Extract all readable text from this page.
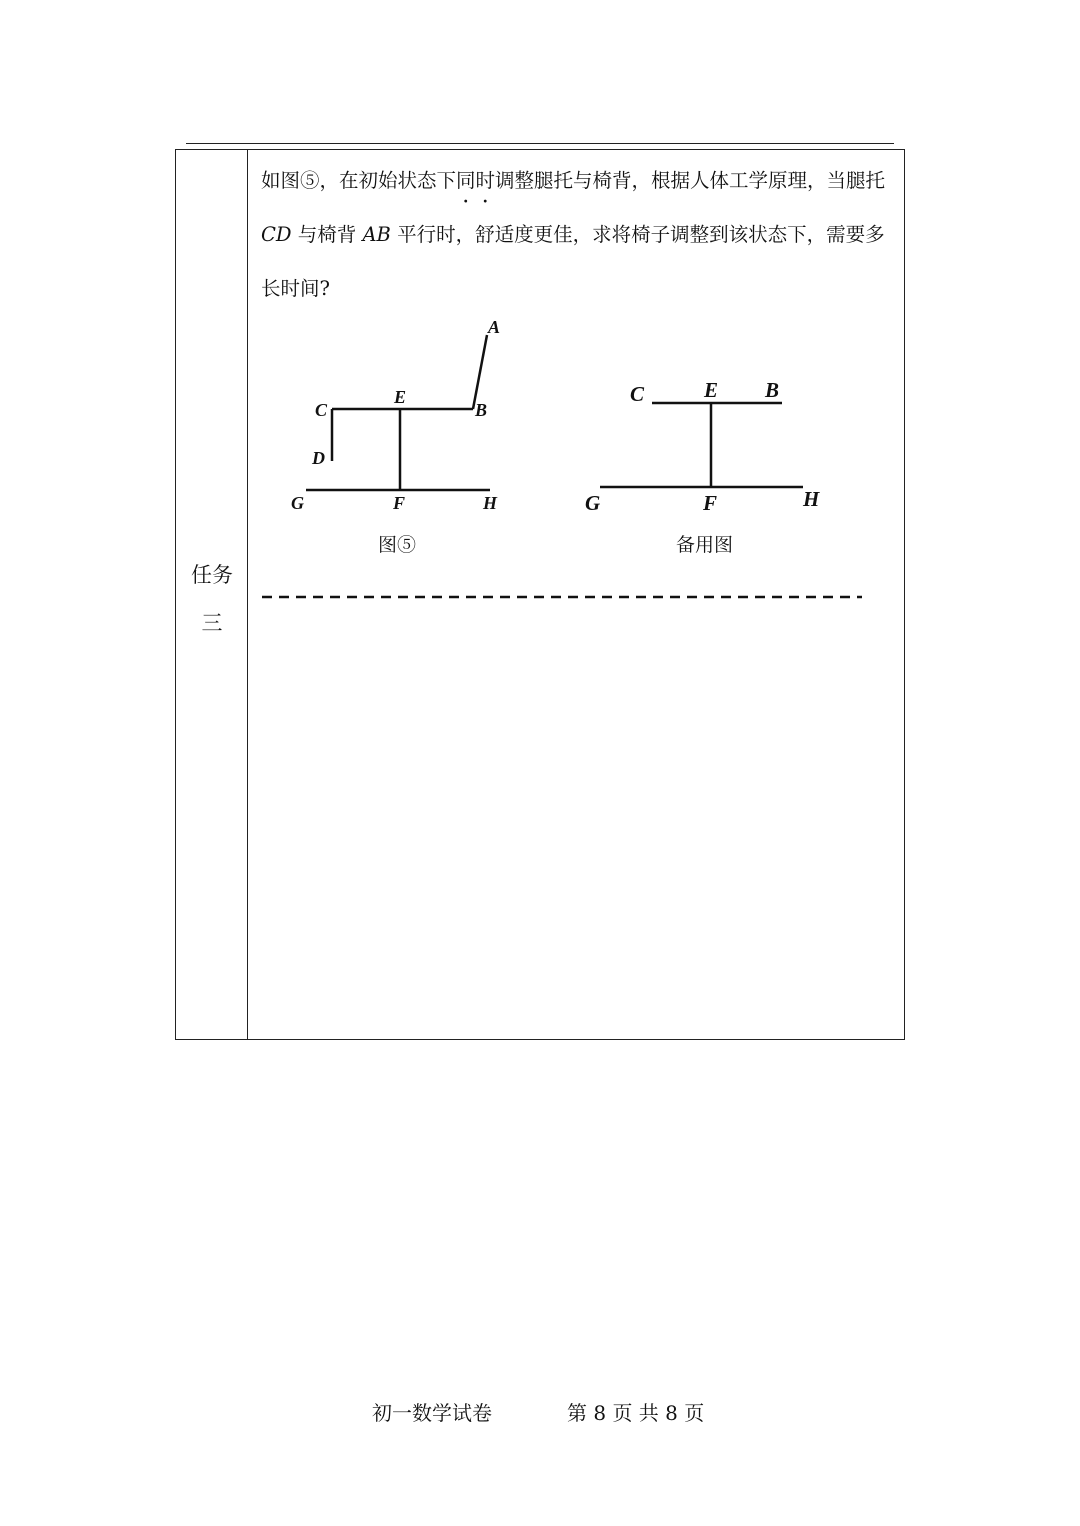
任务
三

如图⑤，在初始状态下同时调整腿托与椅背，根据人体工学原理，当腿托 CD 与椅背 AB 平行时，舒适度更佳，求将椅子调整到该状态下，需要多长时间?

A
B
C
D
E
F
G	H
图⑤
C	E B
G	F	H
备用图
初一数学试卷	第 8 页 共 8 页
